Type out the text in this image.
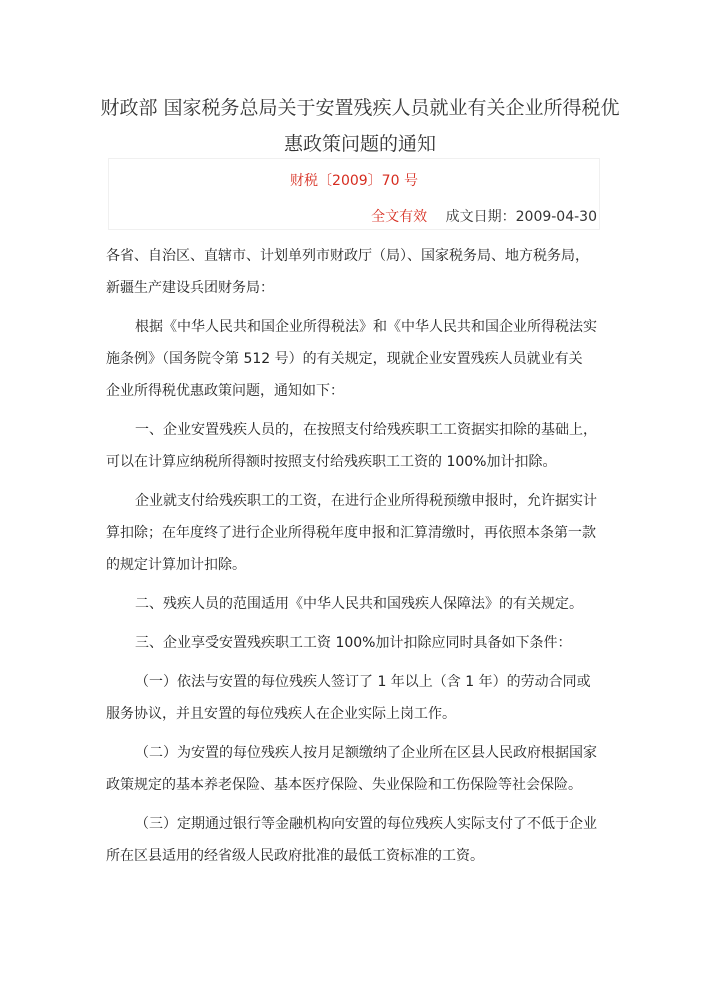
财政部 国家税务总局关于安置残疾人员就业有关企业所得税优
惠政策问题的通知
财税〔2009〕70 号
全文有效 成文日期：2009-04-30
各省、自治区、直辖市、计划单列市财政厅（局）、国家税务局、地方税务局，
新疆生产建设兵团财务局：
根据《中华人民共和国企业所得税法》和《中华人民共和国企业所得税法实
施条例》（国务院令第 512 号）的有关规定，现就企业安置残疾人员就业有关
企业所得税优惠政策问题，通知如下：
一、企业安置残疾人员的，在按照支付给残疾职工工资据实扣除的基础上，
可以在计算应纳税所得额时按照支付给残疾职工工资的 100%加计扣除。
企业就支付给残疾职工的工资，在进行企业所得税预缴申报时，允许据实计
算扣除；在年度终了进行企业所得税年度申报和汇算清缴时，再依照本条第一款
的规定计算加计扣除。
二、残疾人员的范围适用《中华人民共和国残疾人保障法》的有关规定。
三、企业享受安置残疾职工工资 100%加计扣除应同时具备如下条件：
（一）依法与安置的每位残疾人签订了 1 年以上（含 1 年）的劳动合同或
服务协议，并且安置的每位残疾人在企业实际上岗工作。
（二）为安置的每位残疾人按月足额缴纳了企业所在区县人民政府根据国家
政策规定的基本养老保险、基本医疗保险、失业保险和工伤保险等社会保险。
（三）定期通过银行等金融机构向安置的每位残疾人实际支付了不低于企业
所在区县适用的经省级人民政府批准的最低工资标准的工资。
